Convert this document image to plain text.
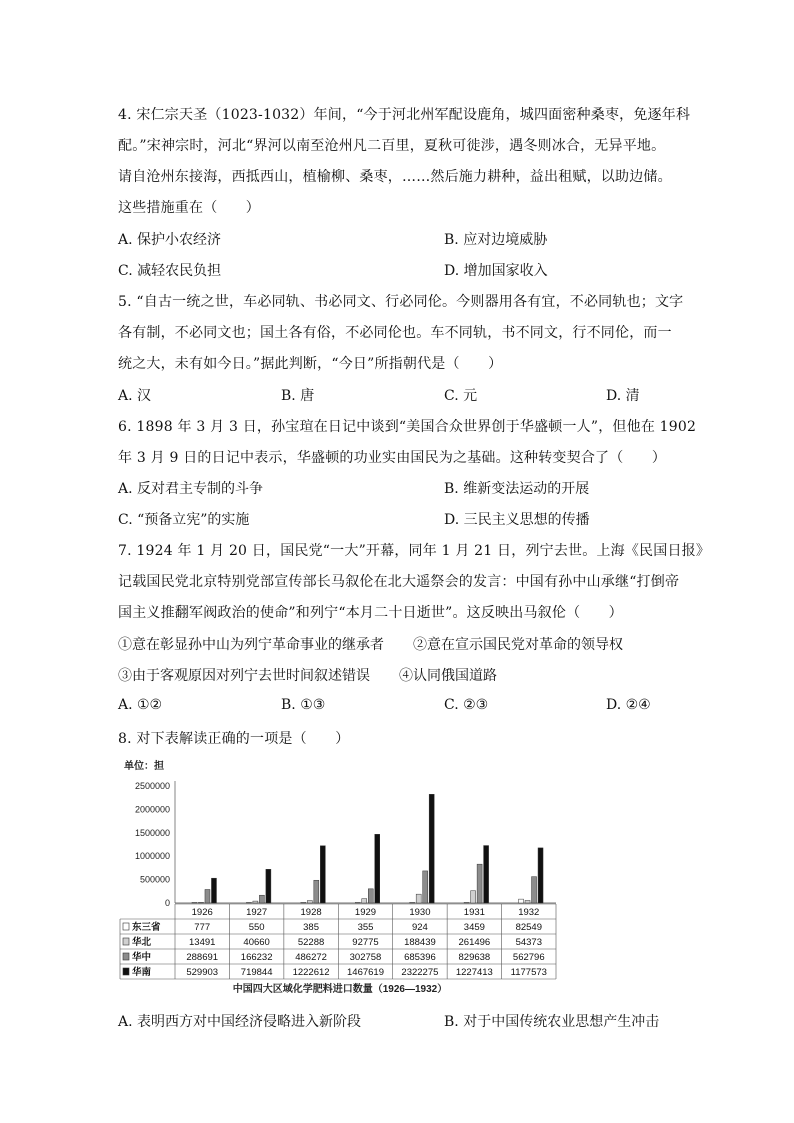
4. 宋仁宗天圣（1023-1032）年间，“今于河北州军配设鹿角，城四面密种桑枣，免逐年科
配。”宋神宗时，河北“界河以南至沧州凡二百里，夏秋可徙涉，遇冬则冰合，无异平地。
请自沧州东接海，西抵西山，植榆柳、桑枣，……然后施力耕种，益出租赋，以助边储。
这些措施重在（　　）
A. 保护小农经济	B. 应对边境威胁
C. 减轻农民负担	D. 增加国家收入
5. “自古一统之世，车必同轨、书必同文、行必同伦。今则器用各有宜，不必同轨也；文字
各有制，不必同文也；国土各有俗，不必同伦也。车不同轨，书不同文，行不同伦，而一
统之大，未有如今日。”据此判断，“今日”所指朝代是（　　）
A. 汉	B. 唐	C. 元	D. 清
6. 1898 年 3 月 3 日，孙宝瑄在日记中谈到“美国合众世界创于华盛顿一人”，但他在 1902
年 3 月 9 日的日记中表示，华盛顿的功业实由国民为之基础。这种转变契合了（　　）
A. 反对君主专制的斗争	B. 维新变法运动的开展
C. “预备立宪”的实施	D. 三民主义思想的传播
7. 1924 年 1 月 20 日，国民党“一大”开幕，同年 1 月 21 日，列宁去世。上海《民国日报》
记载国民党北京特别党部宣传部长马叙伦在北大遥祭会的发言：中国有孙中山承继“打倒帝
国主义推翻军阀政治的使命”和列宁“本月二十日逝世”。这反映出马叙伦（　　）
①意在彰显孙中山为列宁革命事业的继承者 ②意在宣示国民党对革命的领导权
③由于客观原因对列宁去世时间叙述错误 ④认同俄国道路
A. ①②	B. ①③	C. ②③	D. ②④
8. 对下表解读正确的一项是（　　）
单位：担
2500000
2000000
1500000
1000000
500000
0
1926	1927	1928	1929	1930	1931	1932
东三省	777	550	385	355	924	3459	82549
华北	13491	40660	52288	92775	188439 261496	54373
华中	288691 166232 486272 302758 685396 829638 562796
华南	529903 719844 1222612 1467619 2322275 1227413 1177573
中国四大区域化学肥料进口数量（1926—1932）
A. 表明西方对中国经济侵略进入新阶段	B. 对于中国传统农业思想产生冲击
